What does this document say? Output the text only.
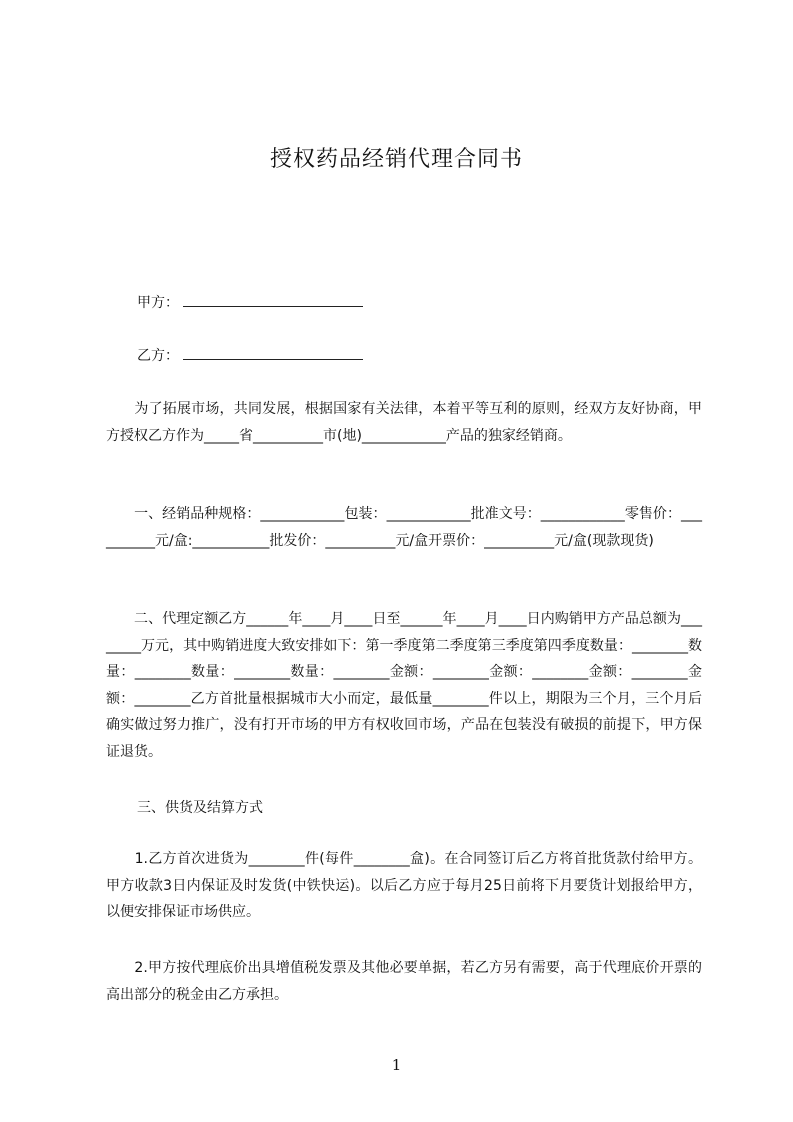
授权药品经销代理合同书
甲方：
乙方：
　　为了拓展市场，共同发展，根据国家有关法律，本着平等互利的原则，经双方友好协商，甲方授权乙方作为_____省__________市(地)____________产品的独家经销商。
　　一、经销品种规格：____________包装：____________批准文号：____________零售价：__________元/盒:___________批发价：__________元/盒开票价：__________元/盒(现款现货)
　　二、代理定额乙方______年____月____日至______年____月____日内购销甲方产品总额为________万元，其中购销进度大致安排如下：第一季度第二季度第三季度第四季度数量：________数量：________数量：________数量：________金额：________金额：________金额：________金额：________乙方首批量根据城市大小而定，最低量________件以上，期限为三个月，三个月后确实做过努力推广，没有打开市场的甲方有权收回市场，产品在包装没有破损的前提下，甲方保证退货。
三、供货及结算方式
　　1.乙方首次进货为________件(每件________盒)。在合同签订后乙方将首批货款付给甲方。甲方收款3日内保证及时发货(中铁快运)。以后乙方应于每月25日前将下月要货计划报给甲方，以便安排保证市场供应。
　　2.甲方按代理底价出具增值税发票及其他必要单据，若乙方另有需要，高于代理底价开票的高出部分的税金由乙方承担。
1
